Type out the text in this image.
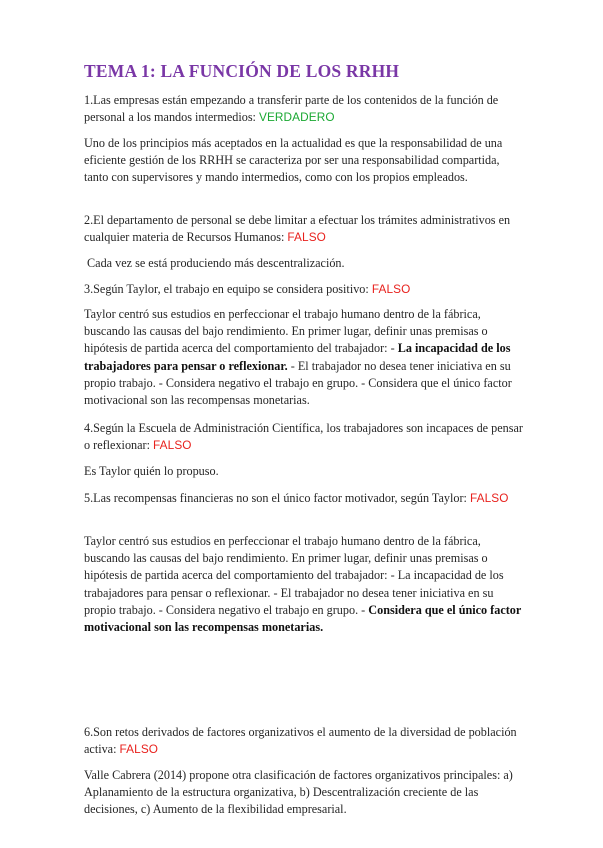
TEMA 1: LA FUNCIÓN DE LOS RRHH

1.Las empresas están empezando a transferir parte de los contenidos de la función de personal a los mandos intermedios: VERDADERO

Uno de los principios más aceptados en la actualidad es que la responsabilidad de una eficiente gestión de los RRHH se caracteriza por ser una responsabilidad compartida, tanto con supervisores y mando intermedios, como con los propios empleados.

2.El departamento de personal se debe limitar a efectuar los trámites administrativos en cualquier materia de Recursos Humanos: FALSO

Cada vez se está produciendo más descentralización.

3.Según Taylor, el trabajo en equipo se considera positivo: FALSO

Taylor centró sus estudios en perfeccionar el trabajo humano dentro de la fábrica, buscando las causas del bajo rendimiento. En primer lugar, definir unas premisas o hipótesis de partida acerca del comportamiento del trabajador: - La incapacidad de los trabajadores para pensar o reflexionar. - El trabajador no desea tener iniciativa en su propio trabajo. - Considera negativo el trabajo en grupo. - Considera que el único factor motivacional son las recompensas monetarias.

4.Según la Escuela de Administración Científica, los trabajadores son incapaces de pensar o reflexionar: FALSO

Es Taylor quién lo propuso.

5.Las recompensas financieras no son el único factor motivador, según Taylor: FALSO

Taylor centró sus estudios en perfeccionar el trabajo humano dentro de la fábrica, buscando las causas del bajo rendimiento. En primer lugar, definir unas premisas o hipótesis de partida acerca del comportamiento del trabajador: - La incapacidad de los trabajadores para pensar o reflexionar. - El trabajador no desea tener iniciativa en su propio trabajo. - Considera negativo el trabajo en grupo. - Considera que el único factor motivacional son las recompensas monetarias.

6.Son retos derivados de factores organizativos el aumento de la diversidad de población activa: FALSO

Valle Cabrera (2014) propone otra clasificación de factores organizativos principales: a) Aplanamiento de la estructura organizativa, b) Descentralización creciente de las decisiones, c) Aumento de la flexibilidad empresarial.
